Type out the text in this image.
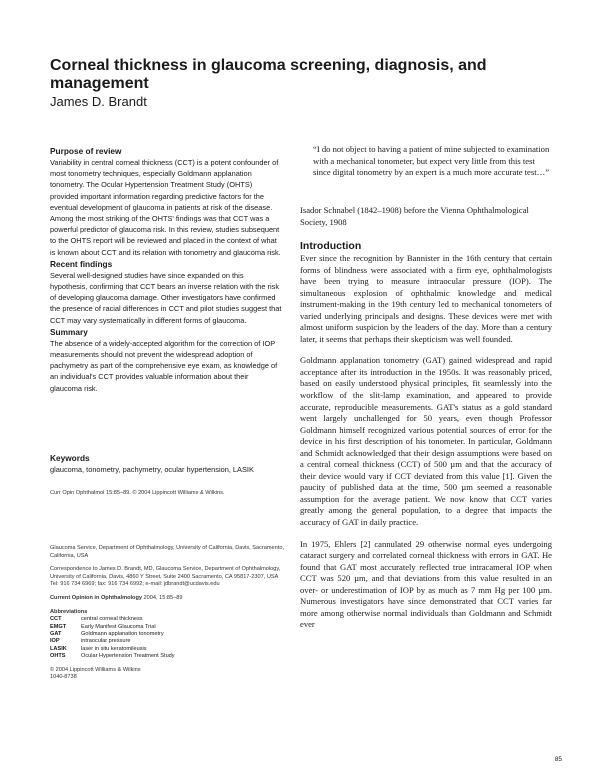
Corneal thickness in glaucoma screening, diagnosis, and management

James D. Brandt

Purpose of review

Variability in central corneal thickness (CCT) is a potent confounder of most tonometry techniques, especially Goldmann applanation tonometry. The Ocular Hypertension Treatment Study (OHTS) provided important information regarding predictive factors for the eventual development of glaucoma in patients at risk of the disease. Among the most striking of the OHTS' findings was that CCT was a powerful predictor of glaucoma risk. In this review, studies subsequent to the OHTS report will be reviewed and placed in the context of what is known about CCT and its relation with tonometry and glaucoma risk.

Recent findings

Several well-designed studies have since expanded on this hypothesis, confirming that CCT bears an inverse relation with the risk of developing glaucoma damage. Other investigators have confirmed the presence of racial differences in CCT and pilot studies suggest that CCT may vary systematically in different forms of glaucoma.

Summary

The absence of a widely-accepted algorithm for the correction of IOP measurements should not prevent the widespread adoption of pachymetry as part of the comprehensive eye exam, as knowledge of an individual's CCT provides valuable information about their glaucoma risk.

Keywords

glaucoma, tonometry, pachymetry, ocular hypertension, LASIK

Curr Opin Ophthalmol 15:85–89. © 2004 Lippincott Williams & Wilkins.

Glaucoma Service, Department of Ophthalmology, University of California, Davis, Sacramento, California, USA

Correspondence to James D. Brandt, MD, Glaucoma Service, Department of Ophthalmology, University of California, Davis, 4860 Y Street, Suite 2400 Sacramento, CA 95817-2307, USA

Tel: 916 734 6969; fax: 916 734 6992; e-mail: jdbrandt@ucdavis.edu

Current Opinion in Ophthalmology 2004, 15:85–89

Abbreviations

CCT	central corneal thickness
EMGT	Early Manifest Glaucoma Trial
GAT	Goldmann applanation tonometry
IOP	intraocular pressure
LASIK	laser in situ keratomileusis
OHTS	Ocular Hypertension Treatment Study

© 2004 Lippincott Williams & Wilkins

1040-8738

“I do not object to having a patient of mine subjected to examination with a mechanical tonometer, but expect very little from this test since digital tonometry by an expert is a much more accurate test…”

Isador Schnabel (1842–1908) before the Vienna Ophthalmological Society, 1908

Introduction

Ever since the recognition by Bannister in the 16th century that certain forms of blindness were associated with a firm eye, ophthalmologists have been trying to measure intraocular pressure (IOP). The simultaneous explosion of ophthalmic knowledge and medical instrument-making in the 19th century led to mechanical tonometers of varied underlying principals and designs. These devices were met with almost uniform suspicion by the leaders of the day. More than a century later, it seems that perhaps their skepticism was well founded.

Goldmann applanation tonometry (GAT) gained widespread and rapid acceptance after its introduction in the 1950s. It was reasonably priced, based on easily understood physical principles, fit seamlessly into the workflow of the slit-lamp examination, and appeared to provide accurate, reproducible measurements. GAT's status as a gold standard went largely unchallenged for 50 years, even though Professor Goldmann himself recognized various potential sources of error for the device in his first description of his tonometer. In particular, Goldmann and Schmidt acknowledged that their design assumptions were based on a central corneal thickness (CCT) of 500 µm and that the accuracy of their device would vary if CCT deviated from this value [1]. Given the paucity of published data at the time, 500 µm seemed a reasonable assumption for the average patient. We now know that CCT varies greatly among the general population, to a degree that impacts the accuracy of GAT in daily practice.

In 1975, Ehlers [2] cannulated 29 otherwise normal eyes undergoing cataract surgery and correlated corneal thickness with errors in GAT. He found that GAT most accurately reflected true intracameral IOP when CCT was 520 µm, and that deviations from this value resulted in an over- or underestimation of IOP by as much as 7 mm Hg per 100 µm. Numerous investigators have since demonstrated that CCT varies far more among otherwise normal individuals than Goldmann and Schmidt ever

85
